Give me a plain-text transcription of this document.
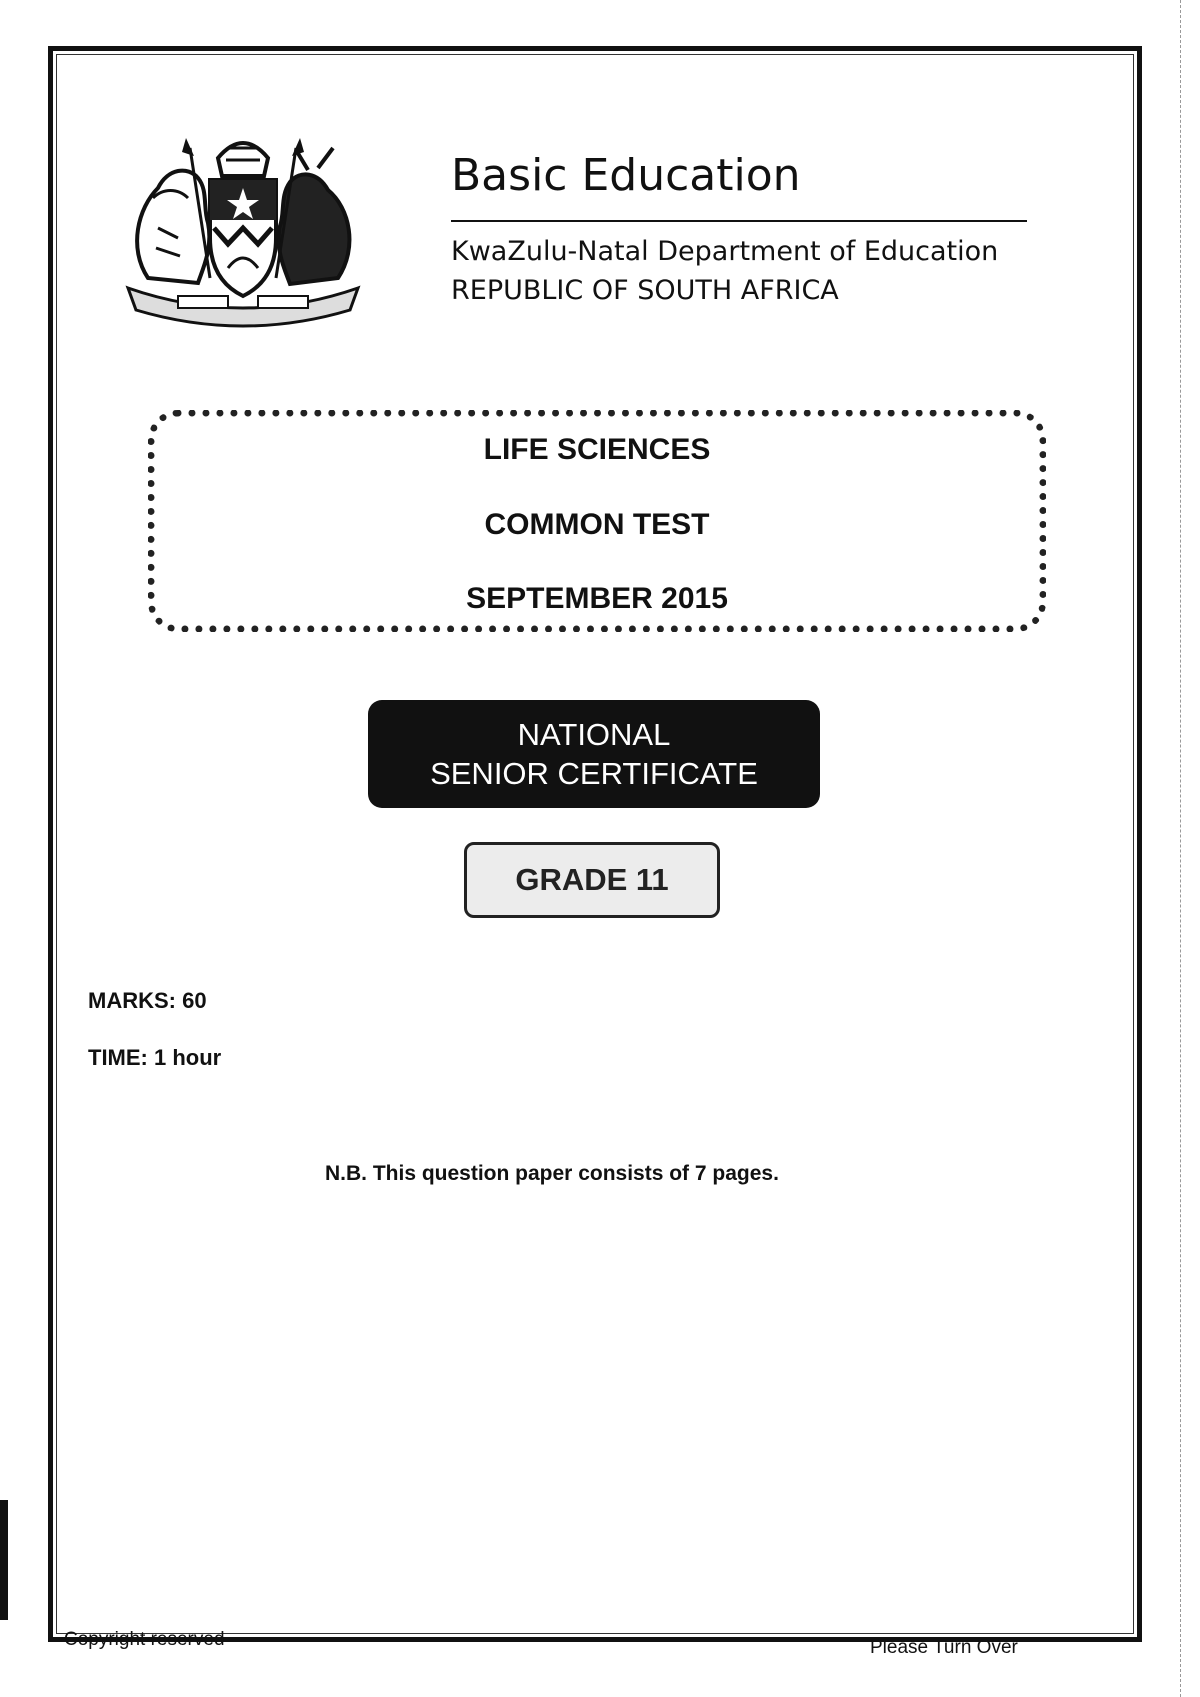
Basic Education
KwaZulu-Natal Department of Education
REPUBLIC OF SOUTH AFRICA
LIFE SCIENCES
COMMON TEST
SEPTEMBER 2015
NATIONAL
SENIOR CERTIFICATE
GRADE 11
MARKS: 60
TIME: 1 hour
N.B. This question paper consists of 7 pages.
Copyright reserved	Please Turn Over
